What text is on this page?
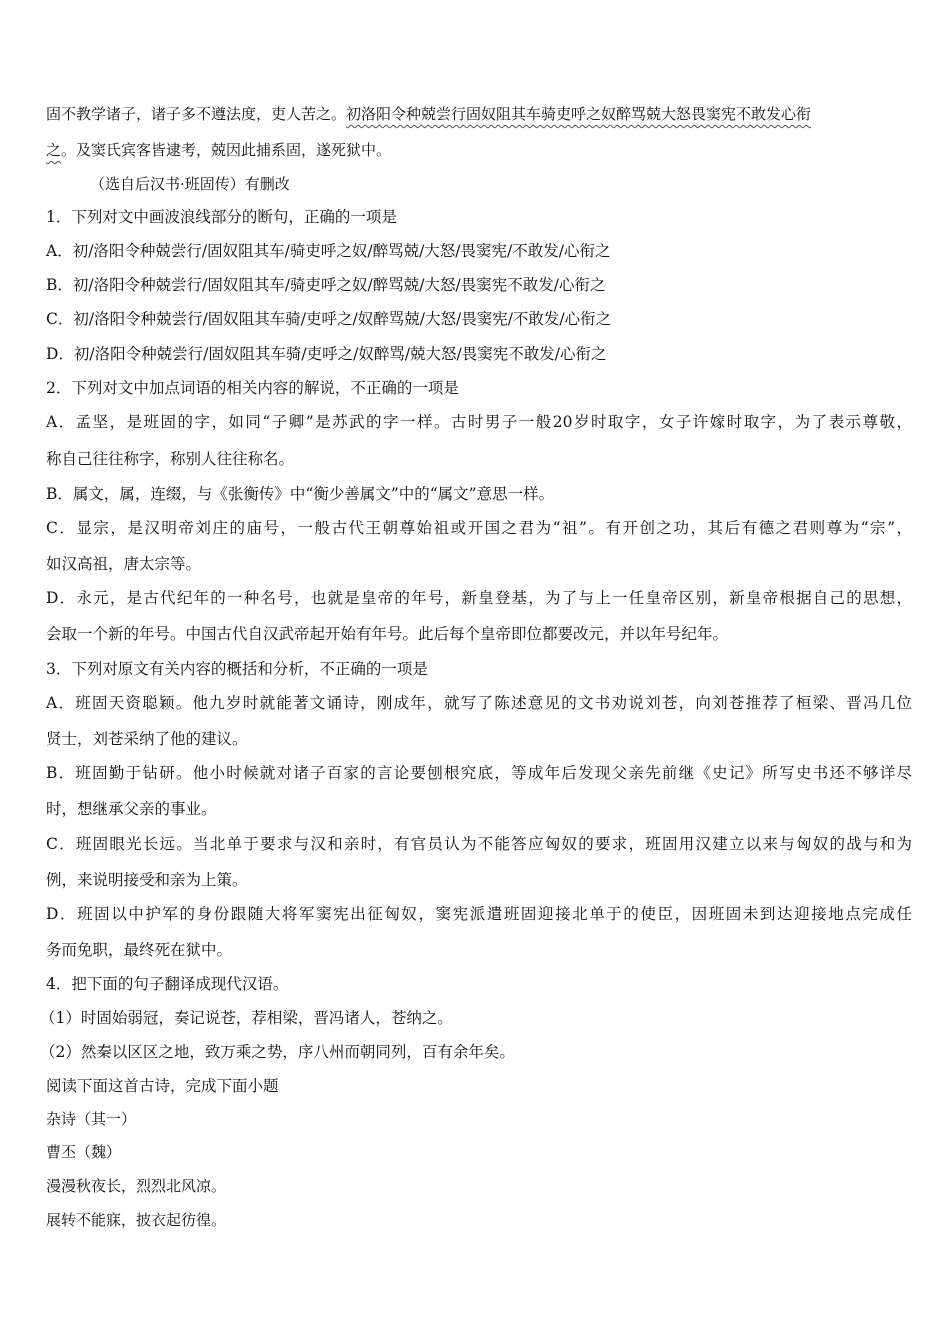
固不教学诸子，诸子多不遵法度，吏人苦之。初洛阳令种兢尝行固奴阻其车骑吏呼之奴醉骂兢大怒畏窦宪不敢发心衔
之。及窦氏宾客皆逮考，兢因此捕系固，遂死狱中。
（选自后汉书·班固传）有删改
1．下列对文中画波浪线部分的断句，正确的一项是
A．初/洛阳令种兢尝行/固奴阻其车/骑吏呼之奴/醉骂兢/大怒/畏窦宪/不敢发/心衔之
B．初/洛阳令种兢尝行/固奴阻其车/骑吏呼之奴/醉骂兢/大怒/畏窦宪不敢发/心衔之
C．初/洛阳令种兢尝行/固奴阻其车骑/吏呼之/奴醉骂兢/大怒/畏窦宪/不敢发/心衔之
D．初/洛阳令种兢尝行/固奴阻其车骑/吏呼之/奴醉骂/兢大怒/畏窦宪不敢发/心衔之
2．下列对文中加点词语的相关内容的解说，不正确的一项是
A．孟坚，是班固的字，如同“子卿”是苏武的字一样。古时男子一般20岁时取字，女子许嫁时取字，为了表示尊敬，
称自己往往称字，称别人往往称名。
B．属文，属，连缀，与《张衡传》中“衡少善属文”中的“属文”意思一样。
C．显宗，是汉明帝刘庄的庙号，一般古代王朝尊始祖或开国之君为“祖”。有开创之功，其后有德之君则尊为“宗”，
如汉高祖，唐太宗等。
D．永元，是古代纪年的一种名号，也就是皇帝的年号，新皇登基，为了与上一任皇帝区别，新皇帝根据自己的思想，
会取一个新的年号。中国古代自汉武帝起开始有年号。此后每个皇帝即位都要改元，并以年号纪年。
3．下列对原文有关内容的概括和分析，不正确的一项是
A．班固天资聪颖。他九岁时就能著文诵诗，刚成年，就写了陈述意见的文书劝说刘苍，向刘苍推荐了桓梁、晋冯几位
贤士，刘苍采纳了他的建议。
B．班固勤于钻研。他小时候就对诸子百家的言论要刨根究底，等成年后发现父亲先前继《史记》所写史书还不够详尽
时，想继承父亲的事业。
C．班固眼光长远。当北单于要求与汉和亲时，有官员认为不能答应匈奴的要求，班固用汉建立以来与匈奴的战与和为
例，来说明接受和亲为上策。
D．班固以中护军的身份跟随大将军窦宪出征匈奴，窦宪派遣班固迎接北单于的使臣，因班固未到达迎接地点完成任
务而免职，最终死在狱中。
4．把下面的句子翻译成现代汉语。
（1）时固始弱冠，奏记说苍，荐相梁，晋冯诸人，苍纳之。
（2）然秦以区区之地，致万乘之势，序八州而朝同列，百有余年矣。
阅读下面这首古诗，完成下面小题
杂诗（其一）
曹丕（魏）
漫漫秋夜长，烈烈北风凉。
展转不能寐，披衣起彷徨。
